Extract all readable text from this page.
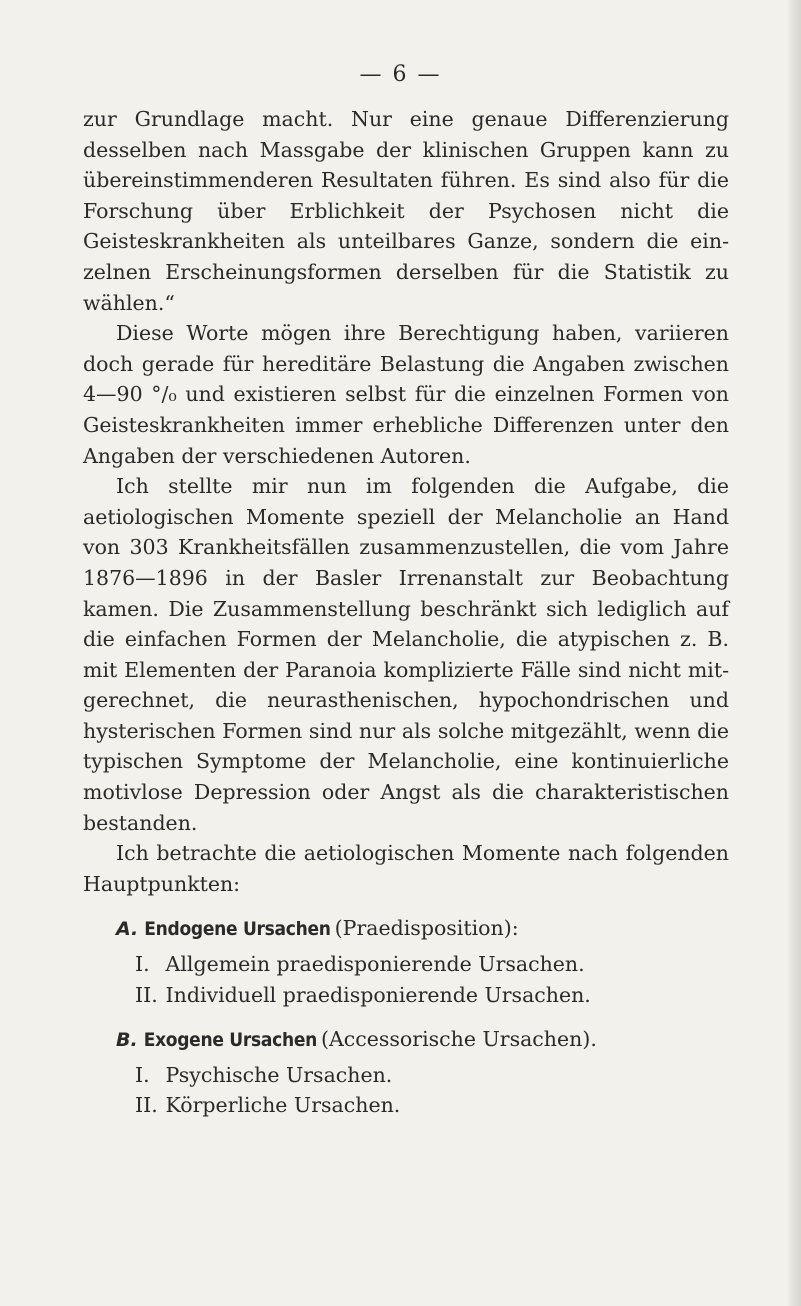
— 6 —

zur Grundlage macht. Nur eine genaue Differenzierung desselben nach Massgabe der klinischen Gruppen kann zu übereinstimmenderen Resultaten führen. Es sind also für die Forschung über Erblichkeit der Psychosen nicht die Geisteskrankheiten als unteilbares Ganze, sondern die einzelnen Erscheinungsformen derselben für die Statistik zu wählen.“

Diese Worte mögen ihre Berechtigung haben, variieren doch gerade für hereditäre Belastung die Angaben zwischen 4—90 °/₀ und existieren selbst für die einzelnen Formen von Geisteskrankheiten immer erhebliche Differenzen unter den Angaben der verschiedenen Autoren.

Ich stellte mir nun im folgenden die Aufgabe, die aetiologischen Momente speziell der Melancholie an Hand von 303 Krankheitsfällen zusammenzustellen, die vom Jahre 1876—1896 in der Basler Irrenanstalt zur Beobachtung kamen. Die Zusammenstellung beschränkt sich lediglich auf die einfachen Formen der Melancholie, die atypischen z. B. mit Elementen der Paranoia komplizierte Fälle sind nicht mitgerechnet, die neurasthenischen, hypochondrischen und hysterischen Formen sind nur als solche mitgezählt, wenn die typischen Symptome der Melancholie, eine kontinuierliche motivlose Depression oder Angst als die charakteristischen bestanden.

Ich betrachte die aetiologischen Momente nach folgenden Hauptpunkten:

A. Endogene Ursachen (Praedisposition):
I. Allgemein praedisponierende Ursachen.
II. Individuell praedisponierende Ursachen.
B. Exogene Ursachen (Accessorische Ursachen).
I. Psychische Ursachen.
II. Körperliche Ursachen.
